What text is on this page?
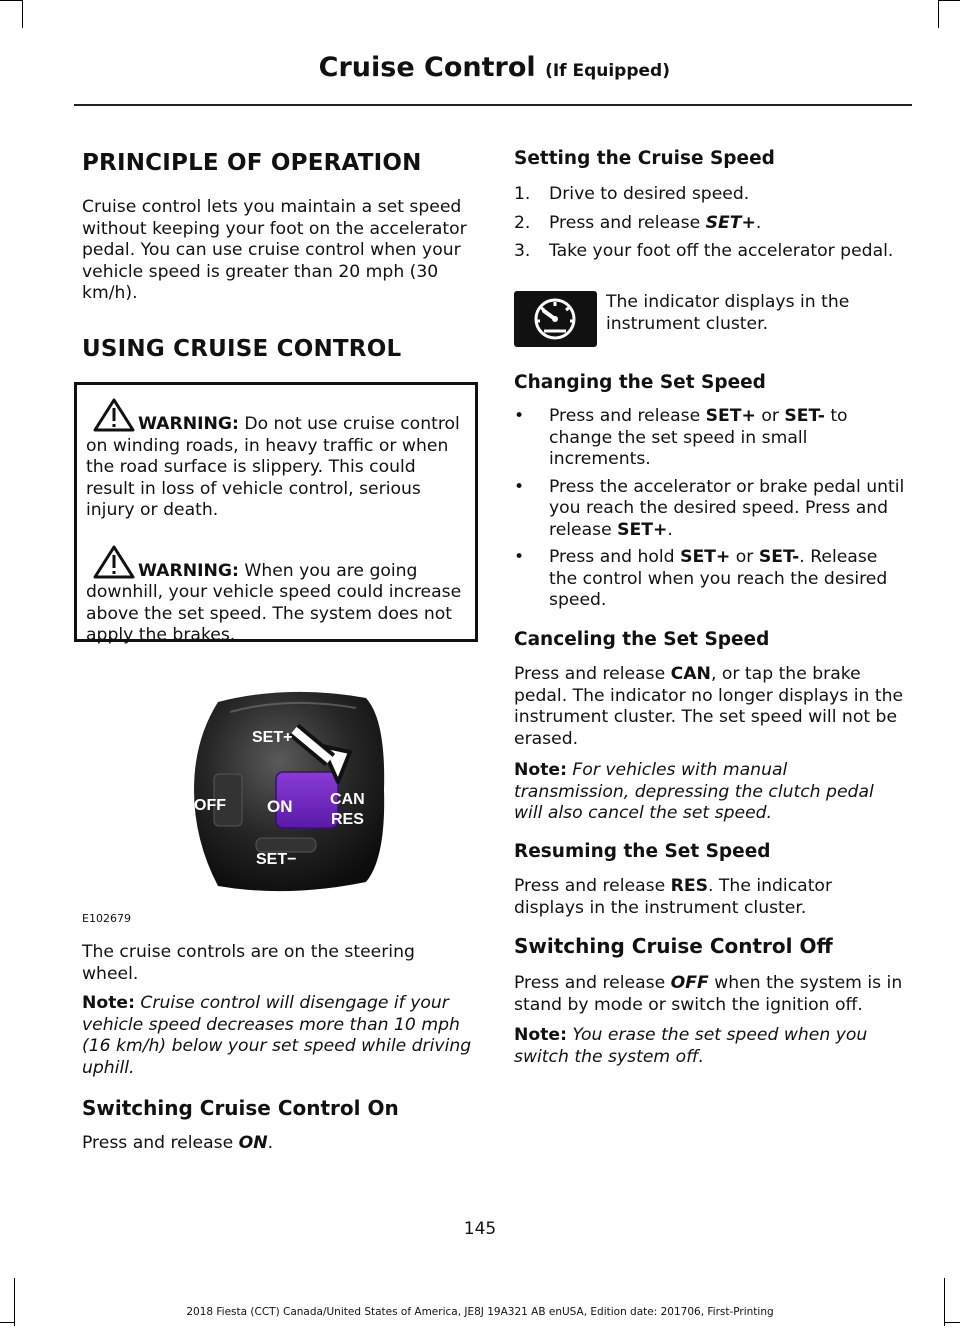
Cruise Control (If Equipped)
PRINCIPLE OF OPERATION

Cruise control lets you maintain a set speed without keeping your foot on the accelerator pedal. You can use cruise control when your vehicle speed is greater than 20 mph (30 km/h).

USING CRUISE CONTROL

WARNING: Do not use cruise control on winding roads, in heavy traffic or when the road surface is slippery. This could result in loss of vehicle control, serious injury or death.

WARNING: When you are going downhill, your vehicle speed could increase above the set speed. The system does not apply the brakes.

SET+
ON
OFF	CAN
RES
SET−
E102679

The cruise controls are on the steering wheel.

Note: Cruise control will disengage if your vehicle speed decreases more than 10 mph (16 km/h) below your set speed while driving uphill.

Switching Cruise Control On

Press and release ON.

Setting the Cruise Speed
1. Drive to desired speed.
2. Press and release SET+.
3. Take your foot off the accelerator pedal.

The indicator displays in the instrument cluster.

Changing the Set Speed
• Press and release SET+ or SET- to change the set speed in small increments.
• Press the accelerator or brake pedal until you reach the desired speed. Press and release SET+.
• Press and hold SET+ or SET-. Release the control when you reach the desired speed.
Canceling the Set Speed

Press and release CAN, or tap the brake pedal. The indicator no longer displays in the instrument cluster. The set speed will not be erased.

Note: For vehicles with manual transmission, depressing the clutch pedal will also cancel the set speed.

Resuming the Set Speed

Press and release RES. The indicator displays in the instrument cluster.

Switching Cruise Control Off

Press and release OFF when the system is in stand by mode or switch the ignition off.

Note: You erase the set speed when you switch the system off.

145
2018 Fiesta (CCT) Canada/United States of America, JE8J 19A321 AB enUSA, Edition date: 201706, First-Printing
